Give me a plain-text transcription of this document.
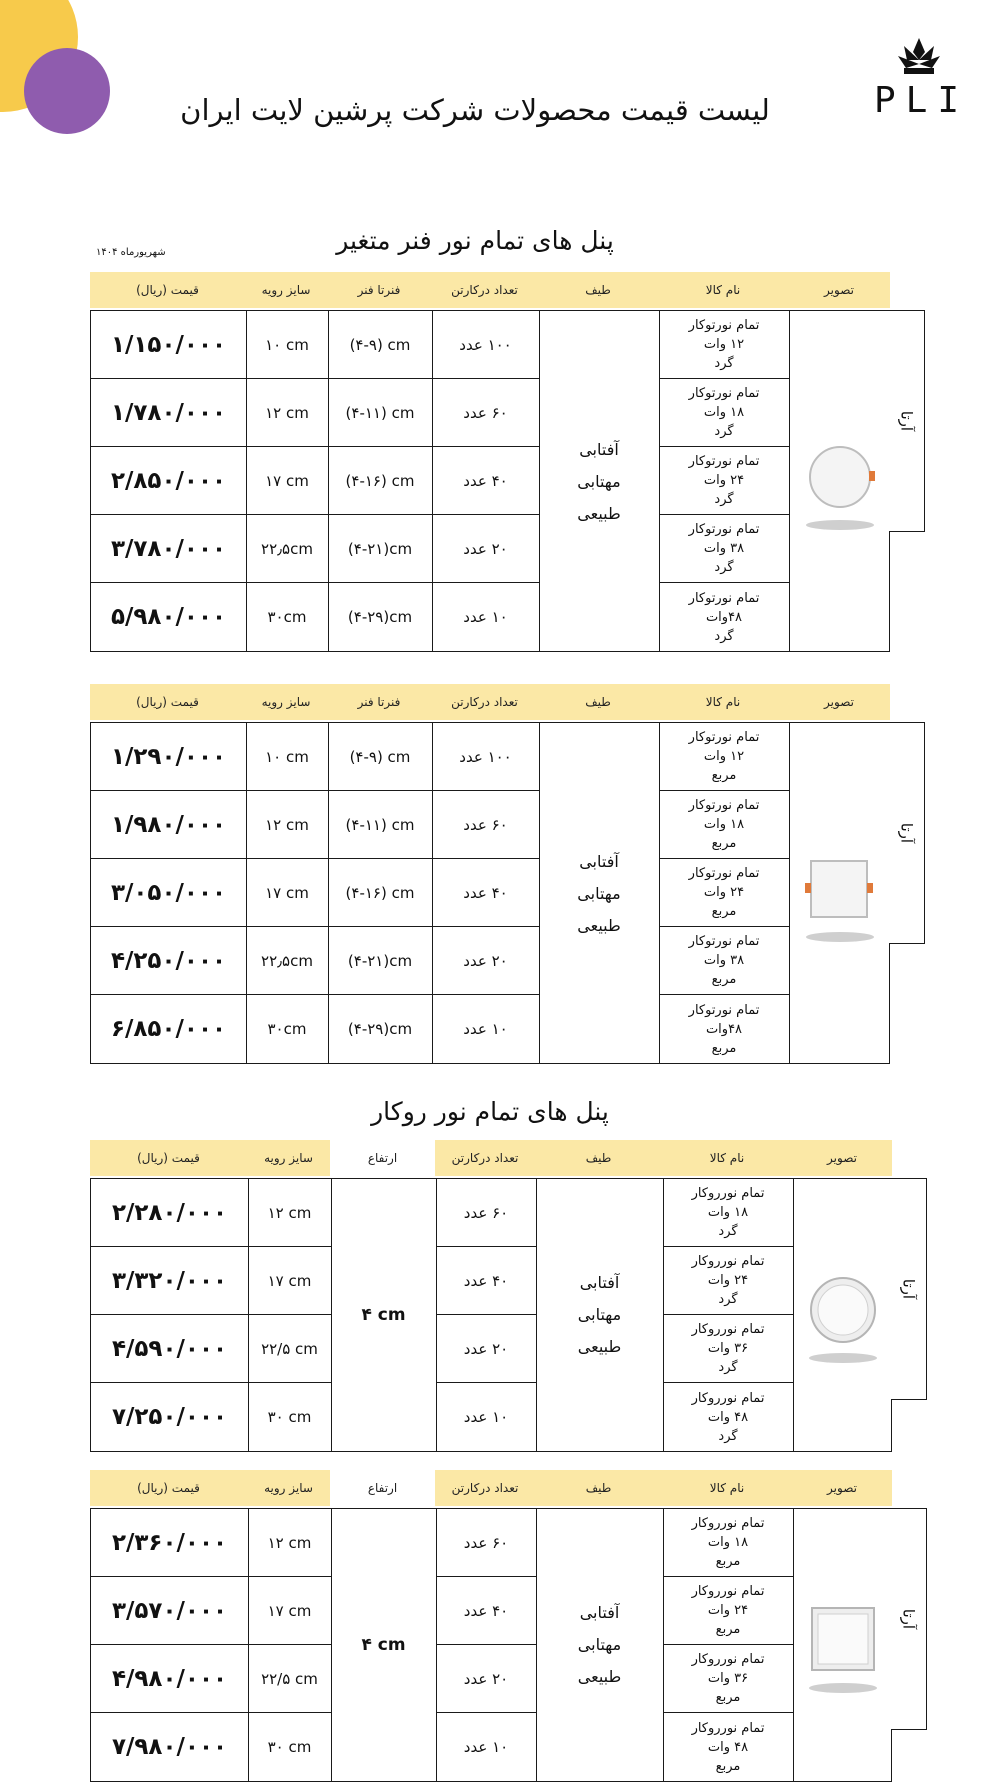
PLI
لیست قیمت محصولات شرکت پرشین لایت ایران
پنل های تمام نور فنر متغیر
شهریورماه ۱۴۰۴
پنل های تمام نور روکار
قیمت (ریال)	سایز رویه	فنرتا فنر	تعداد درکارتن	طیف	نام کالا	تصویر
آفتابی
مهتابی
طبیعی
۱/۱۵۰/۰۰۰	۱۰ cm	(۴-۹) cm	۱۰۰ عدد
تمام نورتوکار
۱۲ وات
گرد
۱/۷۸۰/۰۰۰	۱۲ cm	(۴-۱۱) cm	۶۰ عدد
تمام نورتوکار
۱۸ وات
گرد
۲/۸۵۰/۰۰۰	۱۷ cm	(۴-۱۶) cm	۴۰ عدد
تمام نورتوکار
۲۴ وات
گرد
۳/۷۸۰/۰۰۰	۲۲٫۵cm	(۴-۲۱)cm	۲۰ عدد
تمام نورتوکار
۳۸ وات
گرد
۵/۹۸۰/۰۰۰	۳۰cm	(۴-۲۹)cm	۱۰ عدد
تمام نورتوکار
۴۸وات
گرد
آرتا
قیمت (ریال)	سایز رویه	فنرتا فنر	تعداد درکارتن	طیف	نام کالا	تصویر
آفتابی
مهتابی
طبیعی
۱/۲۹۰/۰۰۰	۱۰ cm	(۴-۹) cm	۱۰۰ عدد
تمام نورتوکار
۱۲ وات
مربع
۱/۹۸۰/۰۰۰	۱۲ cm	(۴-۱۱) cm	۶۰ عدد
تمام نورتوکار
۱۸ وات
مربع
۳/۰۵۰/۰۰۰	۱۷ cm	(۴-۱۶) cm	۴۰ عدد
تمام نورتوکار
۲۴ وات
مربع
۴/۲۵۰/۰۰۰	۲۲٫۵cm	(۴-۲۱)cm	۲۰ عدد
تمام نورتوکار
۳۸ وات
مربع
۶/۸۵۰/۰۰۰	۳۰cm	(۴-۲۹)cm	۱۰ عدد
تمام نورتوکار
۴۸وات
مربع
آرتا
قیمت (ریال)	سایز رویه	ارتفاع	تعداد درکارتن	طیف	نام کالا	تصویر
۴ cm
آفتابی
مهتابی
طبیعی
۲/۲۸۰/۰۰۰	۱۲ cm	۶۰ عدد
تمام نورروکار
۱۸ وات
گرد
۳/۳۲۰/۰۰۰	۱۷ cm	۴۰ عدد
تمام نورروکار
۲۴ وات
گرد
۴/۵۹۰/۰۰۰	۲۲/۵ cm	۲۰ عدد
تمام نورروکار
۳۶ وات
گرد
۷/۲۵۰/۰۰۰	۳۰ cm	۱۰ عدد
تمام نورروکار
۴۸ وات
گرد
آرتا
قیمت (ریال)	سایز رویه	ارتفاع	تعداد درکارتن	طیف	نام کالا	تصویر
۴ cm
آفتابی
مهتابی
طبیعی
۲/۳۶۰/۰۰۰	۱۲ cm	۶۰ عدد
تمام نورروکار
۱۸ وات
مربع
۳/۵۷۰/۰۰۰	۱۷ cm	۴۰ عدد
تمام نورروکار
۲۴ وات
مربع
۴/۹۸۰/۰۰۰	۲۲/۵ cm	۲۰ عدد
تمام نورروکار
۳۶ وات
مربع
۷/۹۸۰/۰۰۰	۳۰ cm	۱۰ عدد
تمام نورروکار
۴۸ وات
مربع
آرتا
